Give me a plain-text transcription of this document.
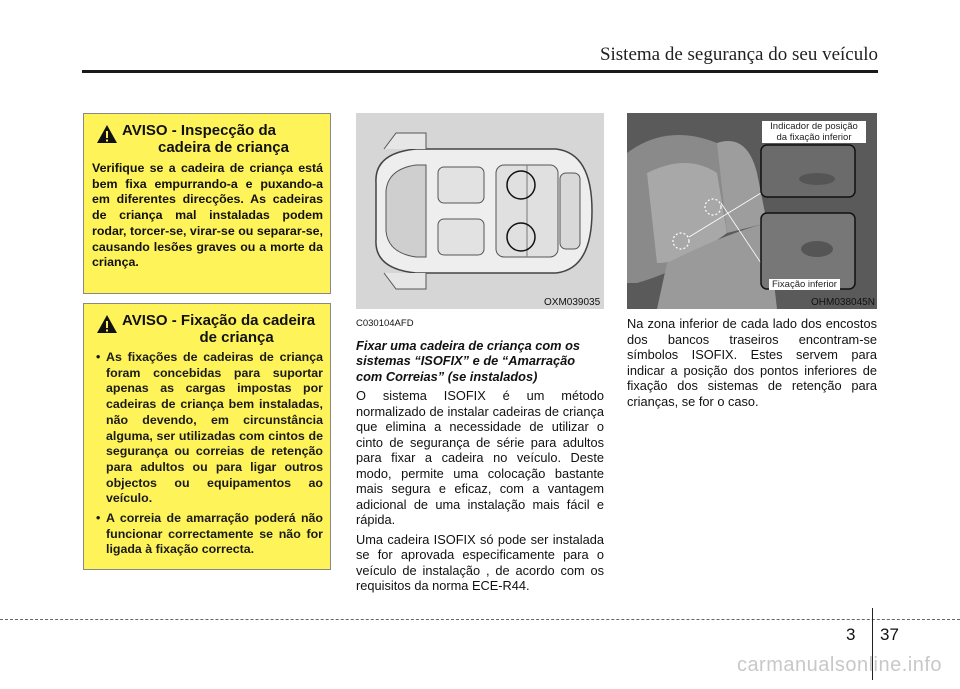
Sistema de segurança do seu veículo
AVISO - Inspecção da
cadeira de criança
Verifique se a cadeira de criança está bem fixa empurrando-a e puxando-a em diferentes direcções. As cadeiras de criança mal instaladas podem rodar, torcer-se, virar-se ou separar-se, causando lesões graves ou a morte da criança.
AVISO - Fixação da cadeira
de criança
• As fixações de cadeiras de criança foram concebidas para suportar apenas as cargas impostas por cadeiras de criança bem instaladas, não devendo, em circunstância alguma, ser utilizadas com cintos de segurança ou correias de retenção para adultos ou para ligar outros objectos ou equipamentos ao veículo.
• A correia de amarração poderá não funcionar correctamente se não for ligada à fixação correcta.
OXM039035
Indicador de posição
da fixação inferior
Fixação inferior
OHM038045N
C030104AFD
Fixar uma cadeira de criança com os sistemas “ISOFIX” e de “Amarração com Correias” (se instalados)

O sistema ISOFIX é um método normalizado de instalar cadeiras de criança que elimina a necessidade de utilizar o cinto de segurança de série para adultos para fixar a cadeira no veículo. Deste modo, permite uma colocação bastante mais segura e eficaz, com a vantagem adicional de uma instalação mais fácil e rápida.

Uma cadeira ISOFIX só pode ser instalada se for aprovada especificamente para o veículo de instalação , de acordo com os requisitos da norma ECE-R44.

Na zona inferior de cada lado dos encostos dos bancos traseiros encontram-se símbolos ISOFIX. Estes servem para indicar a posição dos pontos inferiores de fixação dos sistemas de retenção para crianças, se for o caso.

3 37
carmanualsonline.info
